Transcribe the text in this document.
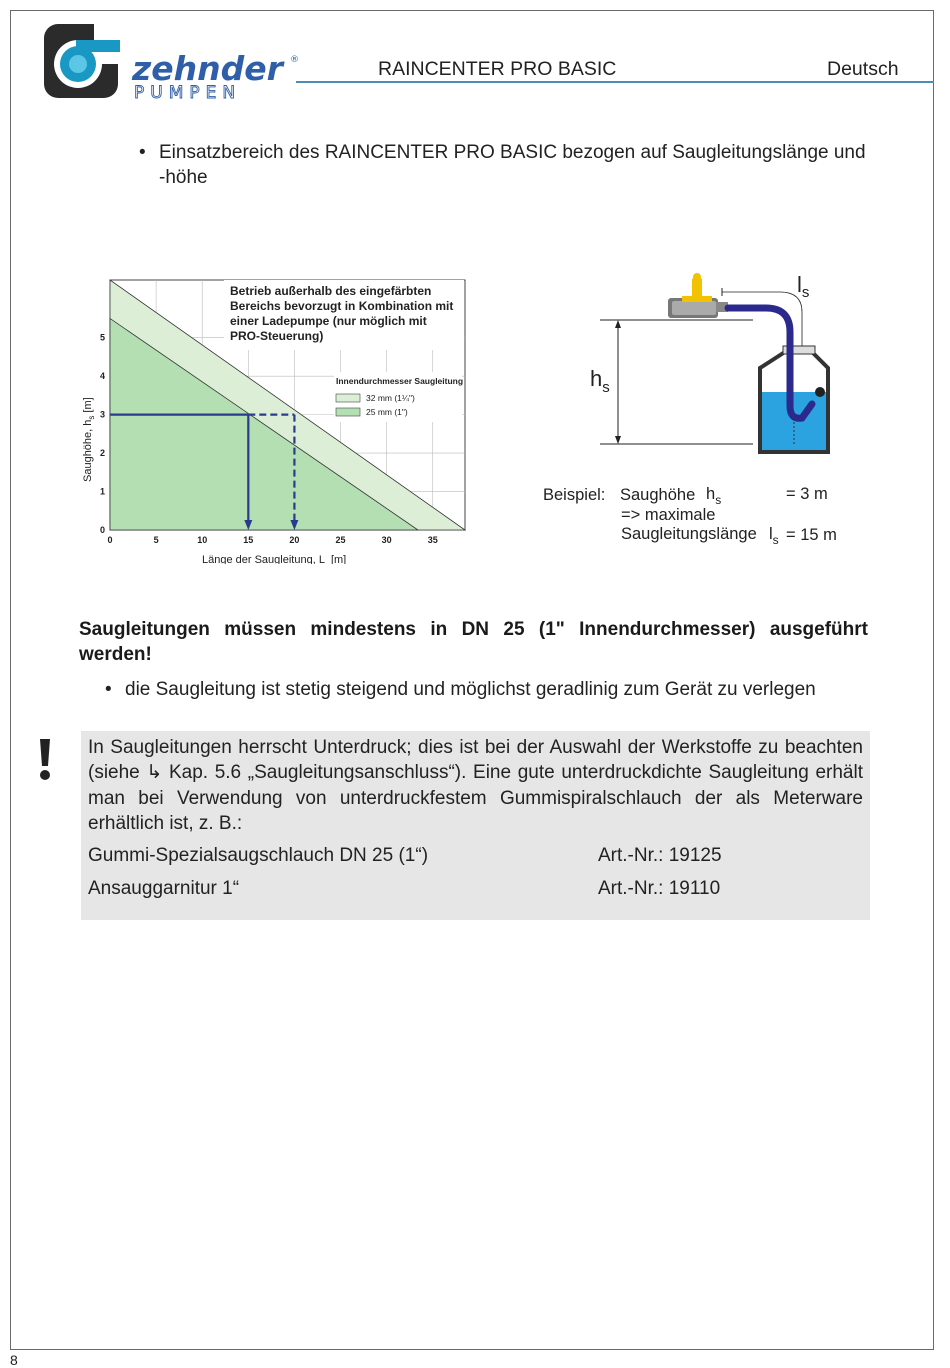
zehnder ®
PUMPEN
RAINCENTER PRO BASIC	Deutsch
• Einsatzbereich des RAINCENTER PRO BASIC bezogen auf Saugleitungslänge und
-höhe
0	5	10	15	20	25	30	35
0
1
2
3
4
5
Betrieb außerhalb des eingefärbten Bereichs bevorzugt in Kombination mit einer Ladepumpe (nur möglich mit PRO-Steuerung)
Innendurchmesser Saugleitung
32 mm (1¼")
25 mm (1")
Saughöhe, $h_s[m]$
Länge der Saugleitung, L [m]
$h_s$
$l_s$
Beispiel: Saughöhe $h_s$	= 3 m => maximale Saugleitungslänge $l_s = 15$ m
Saugleitungen müssen mindestens in DN 25 (1" Innendurchmesser) ausgeführt werden!
• die Saugleitung ist stetig steigend und möglichst geradlinig zum Gerät zu verlegen
In Saugleitungen herrscht Unterdruck; dies ist bei der Auswahl der Werkstoffe zu beachten (siehe ↳ Kap. 5.6 „Saugleitungsanschluss“). Eine gute unterdruckdichte Saugleitung erhält man bei Verwendung von unterdruckfestem Gummispiralschlauch der als Meterware erhältlich ist, z. B.:
Gummi-Spezialsaugschlauch DN 25 (1“)	Art.-Nr.: 19125
Ansauggarnitur 1“	Art.-Nr.: 19110
8
